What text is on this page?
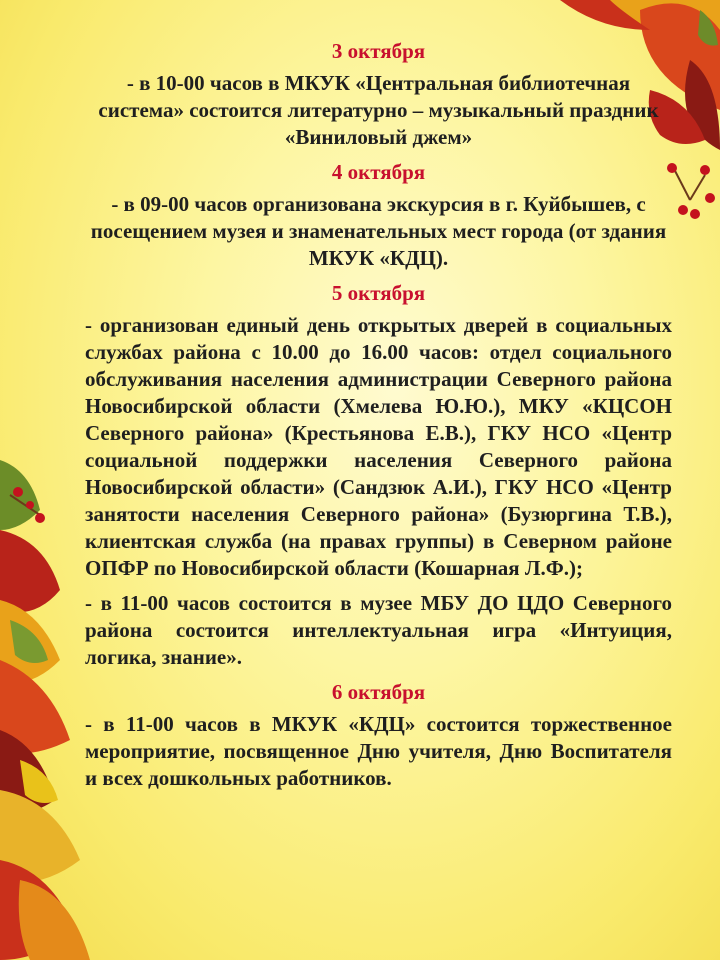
3 октября

- в 10-00 часов в МКУК «Центральная библиотечная система» состоится литературно – музыкальный праздник «Виниловый джем»

4 октября

- в 09-00 часов организована экскурсия в г. Куйбышев, с посещением музея и знаменательных мест города (от здания МКУК «КДЦ).

5 октября

- организован единый день открытых дверей в социальных службах района с 10.00 до 16.00 часов: отдел социального обслуживания населения администрации Северного района Новосибирской области (Хмелева Ю.Ю.), МКУ «КЦСОН Северного района» (Крестьянова Е.В.), ГКУ НСО «Центр социальной поддержки населения Северного района Новосибирской области» (Сандзюк А.И.), ГКУ НСО «Центр занятости населения Северного района» (Бузюргина Т.В.), клиентская служба (на правах группы) в Северном районе ОПФР по Новосибирской области (Кошарная Л.Ф.);

- в 11-00 часов состоится в музее МБУ ДО ЦДО Северного района состоится интеллектуальная игра «Интуиция, логика, знание».

6 октября

- в 11-00 часов в МКУК «КДЦ» состоится торжественное мероприятие, посвященное Дню учителя, Дню Воспитателя и всех дошкольных работников.
